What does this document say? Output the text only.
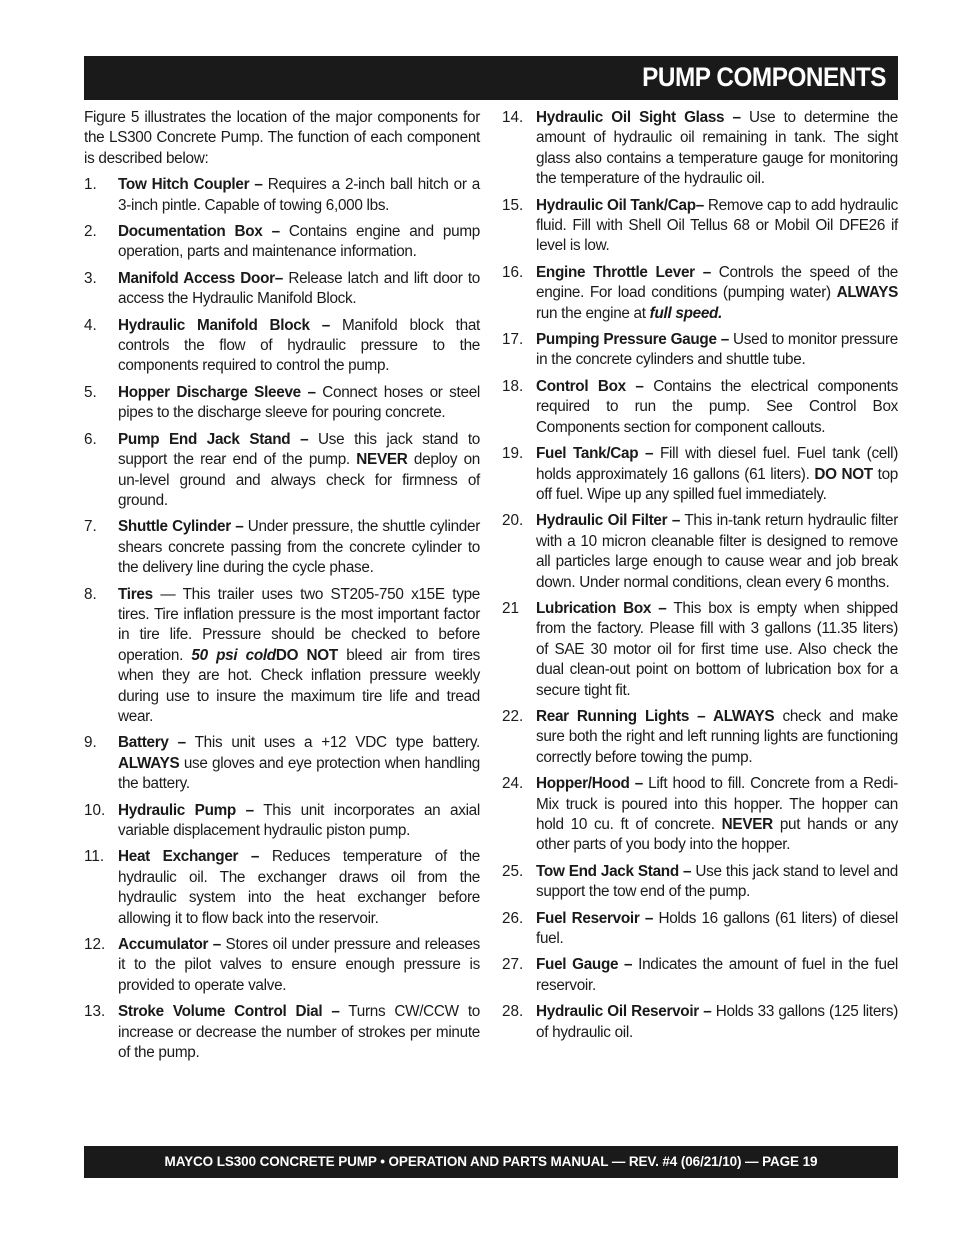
PUMP COMPONENTS

Figure 5 illustrates the location of the major components for the LS300 Concrete Pump. The function of each component is described below:

1.	Tow Hitch Coupler – Requires a 2-inch ball hitch or a 3-inch pintle. Capable of towing 6,000 lbs.
2.	Documentation Box – Contains engine and pump operation, parts and maintenance information.
3.	Manifold Access Door– Release latch and lift door to access the Hydraulic Manifold Block.
4.	Hydraulic Manifold Block – Manifold block that controls the flow of hydraulic pressure to the components required to control the pump.
5.	Hopper Discharge Sleeve – Connect hoses or steel pipes to the discharge sleeve for pouring concrete.
6.	Pump End Jack Stand – Use this jack stand to support the rear end of the pump. NEVER deploy on un-level ground and always check for firmness of ground.
7.	Shuttle Cylinder – Under pressure, the shuttle cylinder shears concrete passing from the concrete cylinder to the delivery line during the cycle phase.
8.	Tires — This trailer uses two ST205-750 x15E type tires. Tire inflation pressure is the most important factor in tire life. Pressure should be checked to before operation. 50 psi coldDO NOT bleed air from tires when they are hot. Check inflation pressure weekly during use to insure the maximum tire life and tread wear.
9.	Battery – This unit uses a +12 VDC type battery. ALWAYS use gloves and eye protection when handling the battery.
10. Hydraulic Pump – This unit incorporates an axial variable displacement hydraulic piston pump.
11. Heat Exchanger – Reduces temperature of the hydraulic oil. The exchanger draws oil from the hydraulic system into the heat exchanger before allowing it to flow back into the reservoir.
12. Accumulator – Stores oil under pressure and releases it to the pilot valves to ensure enough pressure is provided to operate valve.
13. Stroke Volume Control Dial – Turns CW/CCW to increase or decrease the number of strokes per minute of the pump.
14. Hydraulic Oil Sight Glass – Use to determine the amount of hydraulic oil remaining in tank. The sight glass also contains a temperature gauge for monitoring the temperature of the hydraulic oil.
15. Hydraulic Oil Tank/Cap– Remove cap to add hydraulic fluid. Fill with Shell Oil Tellus 68 or Mobil Oil DFE26 if level is low.
16. Engine Throttle Lever – Controls the speed of the engine. For load conditions (pumping water) ALWAYS run the engine at full speed.
17. Pumping Pressure Gauge – Used to monitor pressure in the concrete cylinders and shuttle tube.
18. Control Box – Contains the electrical components required to run the pump. See Control Box Components section for component callouts.
19. Fuel Tank/Cap – Fill with diesel fuel. Fuel tank (cell) holds approximately 16 gallons (61 liters). DO NOT top off fuel. Wipe up any spilled fuel immediately.
20. Hydraulic Oil Filter – This in-tank return hydraulic filter with a 10 micron cleanable filter is designed to remove all particles large enough to cause wear and job break down. Under normal conditions, clean every 6 months.
21	Lubrication Box – This box is empty when shipped from the factory. Please fill with 3 gallons (11.35 liters) of SAE 30 motor oil for first time use. Also check the dual clean-out point on bottom of lubrication box for a secure tight fit.
22. Rear Running Lights – ALWAYS check and make sure both the right and left running lights are functioning correctly before towing the pump.
24. Hopper/Hood – Lift hood to fill. Concrete from a Redi-Mix truck is poured into this hopper. The hopper can hold 10 cu. ft of concrete. NEVER put hands or any other parts of you body into the hopper.
25. Tow End Jack Stand – Use this jack stand to level and support the tow end of the pump.
26. Fuel Reservoir – Holds 16 gallons (61 liters) of diesel fuel.
27. Fuel Gauge – Indicates the amount of fuel in the fuel reservoir.
28. Hydraulic Oil Reservoir – Holds 33 gallons (125 liters) of hydraulic oil.
MAYCO LS300 CONCRETE PUMP • OPERATION AND PARTS MANUAL — REV. #4 (06/21/10) — PAGE 19
